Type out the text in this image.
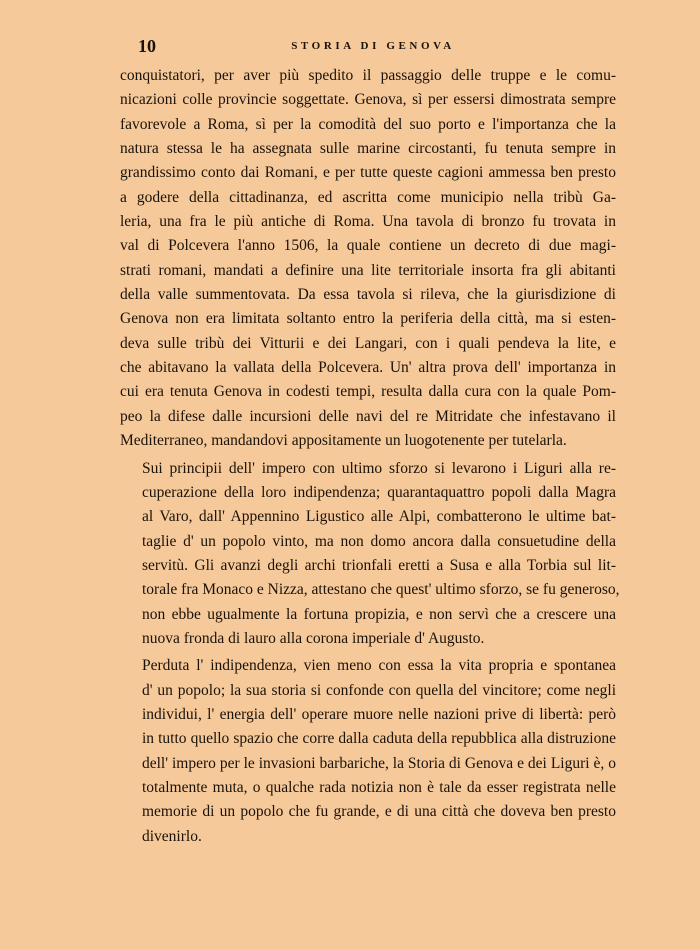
10	STORIA DI GENOVA

conquistatori, per aver più spedito il passaggio delle truppe e le comu-
nicazioni colle provincie soggettate. Genova, sì per essersi dimostrata sempre
favorevole a Roma, sì per la comodità del suo porto e l'importanza che la
natura stessa le ha assegnata sulle marine circostanti, fu tenuta sempre in
grandissimo conto dai Romani, e per tutte queste cagioni ammessa ben presto
a godere della cittadinanza, ed ascritta come municipio nella tribù Ga-
leria, una fra le più antiche di Roma. Una tavola di bronzo fu trovata in
val di Polcevera l'anno 1506, la quale contiene un decreto di due magi-
strati romani, mandati a definire una lite territoriale insorta fra gli abitanti
della valle summentovata. Da essa tavola si rileva, che la giurisdizione di
Genova non era limitata soltanto entro la periferia della città, ma si esten-
deva sulle tribù dei Vitturii e dei Langari, con i quali pendeva la lite, e
che abitavano la vallata della Polcevera. Un' altra prova dell' importanza in
cui era tenuta Genova in codesti tempi, resulta dalla cura con la quale Pom-
peo la difese dalle incursioni delle navi del re Mitridate che infestavano il
Mediterraneo, mandandovi appositamente un luogotenente per tutelarla.

Sui principii dell' impero con ultimo sforzo si levarono i Liguri alla re-
cuperazione della loro indipendenza; quarantaquattro popoli dalla Magra
al Varo, dall' Appennino Ligustico alle Alpi, combatterono le ultime bat-
taglie d' un popolo vinto, ma non domo ancora dalla consuetudine della
servitù. Gli avanzi degli archi trionfali eretti a Susa e alla Torbia sul lit-
torale fra Monaco e Nizza, attestano che quest' ultimo sforzo, se fu generoso,
non ebbe ugualmente la fortuna propizia, e non servì che a crescere una
nuova fronda di lauro alla corona imperiale d' Augusto.

Perduta l' indipendenza, vien meno con essa la vita propria e spontanea
d' un popolo; la sua storia si confonde con quella del vincitore; come negli
individui, l' energia dell' operare muore nelle nazioni prive di libertà: però
in tutto quello spazio che corre dalla caduta della repubblica alla distruzione
dell' impero per le invasioni barbariche, la Storia di Genova e dei Liguri è, o
totalmente muta, o qualche rada notizia non è tale da esser registrata nelle
memorie di un popolo che fu grande, e di una città che doveva ben presto
divenirlo.
